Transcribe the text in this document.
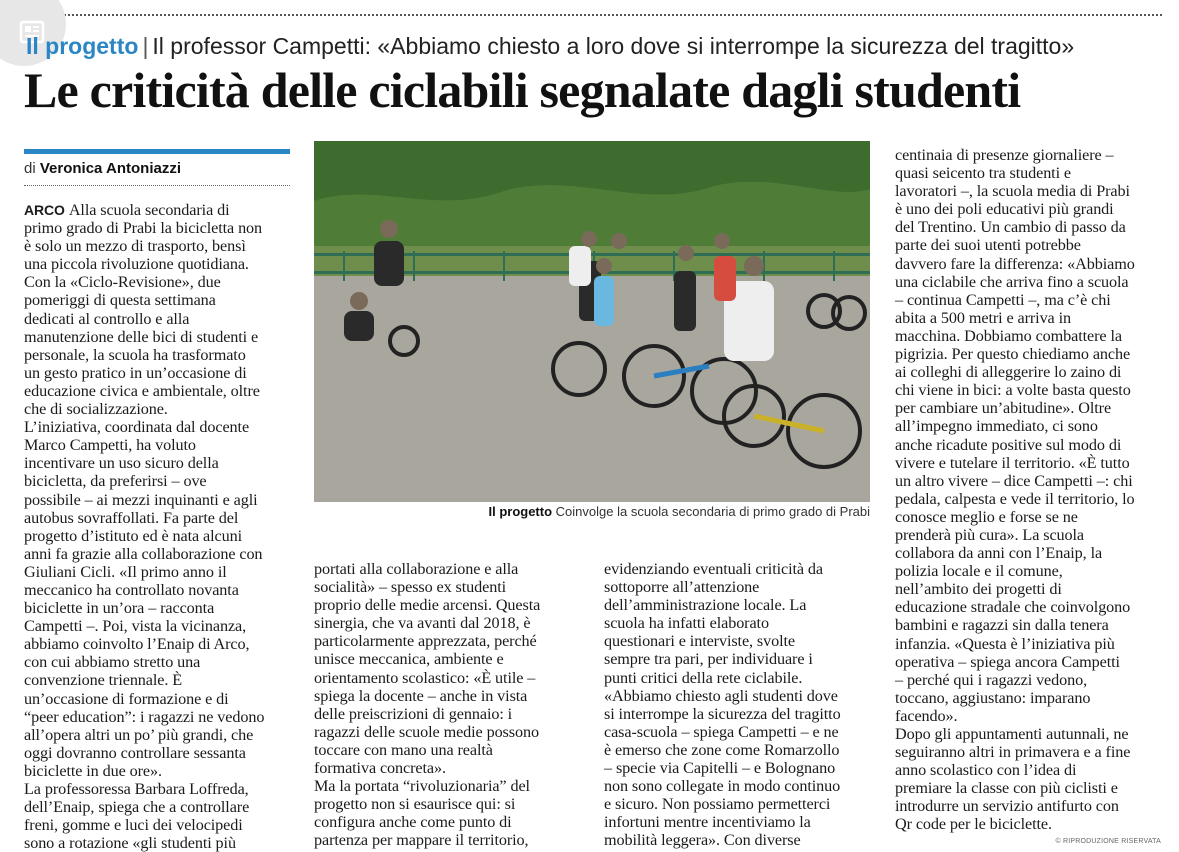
Il progetto | Il professor Campetti: «Abbiamo chiesto a loro dove si interrompe la sicurezza del tragitto»
Le criticità delle ciclabili segnalate dagli studenti
di Veronica Antoniazzi
ARCO Alla scuola secondaria di
primo grado di Prabi la bicicletta non
è solo un mezzo di trasporto, bensì
una piccola rivoluzione quotidiana.
Con la «Ciclo-Revisione», due
pomeriggi di questa settimana
dedicati al controllo e alla
manutenzione delle bici di studenti e
personale, la scuola ha trasformato
un gesto pratico in un’occasione di
educazione civica e ambientale, oltre
che di socializzazione.
L’iniziativa, coordinata dal docente
Marco Campetti, ha voluto
incentivare un uso sicuro della
bicicletta, da preferirsi – ove
possibile – ai mezzi inquinanti e agli
autobus sovraffollati. Fa parte del
progetto d’istituto ed è nata alcuni
anni fa grazie alla collaborazione con
Giuliani Cicli. «Il primo anno il
meccanico ha controllato novanta
biciclette in un’ora – racconta
Campetti –. Poi, vista la vicinanza,
abbiamo coinvolto l’Enaip di Arco,
con cui abbiamo stretto una
convenzione triennale. È
un’occasione di formazione e di
“peer education”: i ragazzi ne vedono
all’opera altri un po’ più grandi, che
oggi dovranno controllare sessanta
biciclette in due ore».
La professoressa Barbara Loffreda,
dell’Enaip, spiega che a controllare
freni, gomme e luci dei velocipedi
sono a rotazione «gli studenti più
portati alla collaborazione e alla
socialità» – spesso ex studenti
proprio delle medie arcensi. Questa
sinergia, che va avanti dal 2018, è
particolarmente apprezzata, perché
unisce meccanica, ambiente e
orientamento scolastico: «È utile –
spiega la docente – anche in vista
delle preiscrizioni di gennaio: i
ragazzi delle scuole medie possono
toccare con mano una realtà
formativa concreta».
Ma la portata “rivoluzionaria” del
progetto non si esaurisce qui: si
configura anche come punto di
partenza per mappare il territorio,
evidenziando eventuali criticità da
sottoporre all’attenzione
dell’amministrazione locale. La
scuola ha infatti elaborato
questionari e interviste, svolte
sempre tra pari, per individuare i
punti critici della rete ciclabile.
«Abbiamo chiesto agli studenti dove
si interrompe la sicurezza del tragitto
casa-scuola – spiega Campetti – e ne
è emerso che zone come Romarzollo
– specie via Capitelli – e Bolognano
non sono collegate in modo continuo
e sicuro. Non possiamo permetterci
infortuni mentre incentiviamo la
mobilità leggera». Con diverse
centinaia di presenze giornaliere –
quasi seicento tra studenti e
lavoratori –, la scuola media di Prabi
è uno dei poli educativi più grandi
del Trentino. Un cambio di passo da
parte dei suoi utenti potrebbe
davvero fare la differenza: «Abbiamo
una ciclabile che arriva fino a scuola
– continua Campetti –, ma c’è chi
abita a 500 metri e arriva in
macchina. Dobbiamo combattere la
pigrizia. Per questo chiediamo anche
ai colleghi di alleggerire lo zaino di
chi viene in bici: a volte basta questo
per cambiare un’abitudine». Oltre
all’impegno immediato, ci sono
anche ricadute positive sul modo di
vivere e tutelare il territorio. «È tutto
un altro vivere – dice Campetti –: chi
pedala, calpesta e vede il territorio, lo
conosce meglio e forse se ne
prenderà più cura». La scuola
collabora da anni con l’Enaip, la
polizia locale e il comune,
nell’ambito dei progetti di
educazione stradale che coinvolgono
bambini e ragazzi sin dalla tenera
infanzia. «Questa è l’iniziativa più
operativa – spiega ancora Campetti
– perché qui i ragazzi vedono,
toccano, aggiustano: imparano
facendo».
Dopo gli appuntamenti autunnali, ne
seguiranno altri in primavera e a fine
anno scolastico con l’idea di
premiare la classe con più ciclisti e
introdurre un servizio antifurto con
Qr code per le biciclette.
Il progetto Coinvolge la scuola secondaria di primo grado di Prabi
© RIPRODUZIONE RISERVATA
